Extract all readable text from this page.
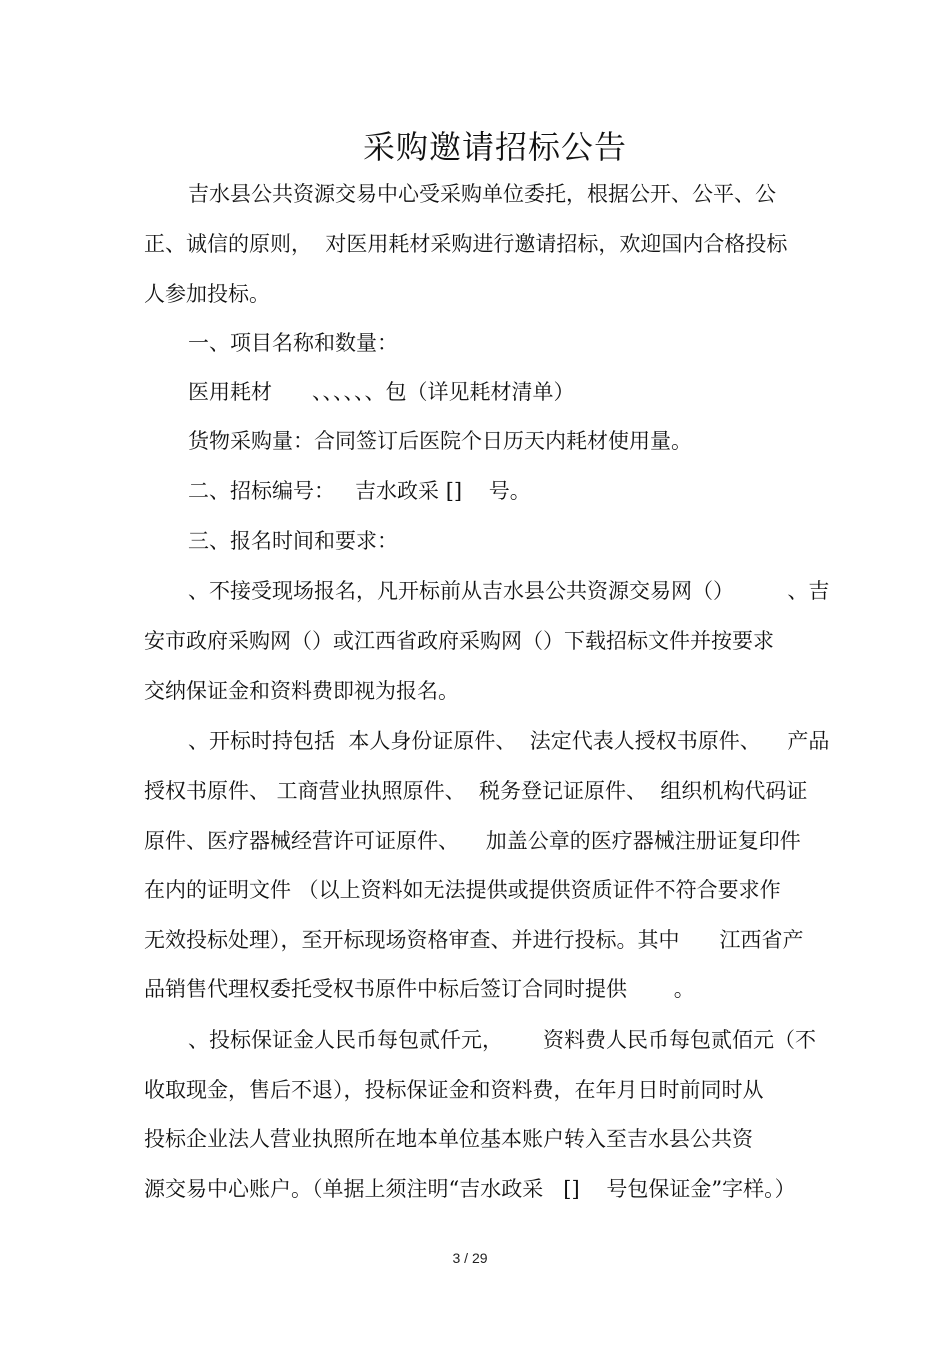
采购邀请招标公告
吉水县公共资源交易中心受采购单位委托，根据公开、公平、公
正、诚信的原则，  对医用耗材采购进行邀请招标，欢迎国内合格投标
人参加投标。
一、项目名称和数量：
医用耗材      、、、、、、包（详见耗材清单）
货物采购量：合同签订后医院个日历天内耗材使用量。
二、招标编号：   吉水政采 []    号。
三、报名时间和要求：
、不接受现场报名，凡开标前从吉水县公共资源交易网（）        、吉
安市政府采购网（）或江西省政府采购网（）下载招标文件并按要求
交纳保证金和资料费即视为报名。
、开标时持包括  本人身份证原件、  法定代表人授权书原件、    产品
授权书原件、 工商营业执照原件、  税务登记证原件、  组织机构代码证
原件、医疗器械经营许可证原件、    加盖公章的医疗器械注册证复印件
在内的证明文件 （以上资料如无法提供或提供资质证件不符合要求作
无效投标处理），至开标现场资格审查、并进行投标。其中      江西省产
品销售代理权委托受权书原件中标后签订合同时提供       。
、投标保证金人民币每包贰仟元，      资料费人民币每包贰佰元（不
收取现金，售后不退），投标保证金和资料费，在年月日时前同时从
投标企业法人营业执照所在地本单位基本账户转入至吉水县公共资
源交易中心账户。（单据上须注明“吉水政采   []    号包保证金”字样。）
3 / 29
